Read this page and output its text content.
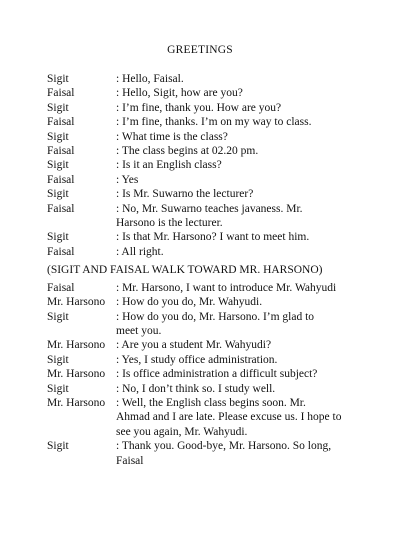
GREETINGS
Sigit	: Hello, Faisal.
Faisal	: Hello, Sigit, how are you?
Sigit	: I’m fine, thank you. How are you?
Faisal	: I’m fine, thanks. I’m on my way to class.
Sigit	: What time is the class?
Faisal	: The class begins at 02.20 pm.
Sigit	: Is it an English class?
Faisal	: Yes
Sigit	: Is Mr. Suwarno the lecturer?
Faisal	: No, Mr. Suwarno teaches javaness. Mr.
Harsono is the lecturer.
Sigit	: Is that Mr. Harsono? I want to meet him.
Faisal	: All right.
(SIGIT AND FAISAL WALK TOWARD MR. HARSONO)
Faisal	: Mr. Harsono, I want to introduce Mr. Wahyudi
Mr. Harsono : How do you do, Mr. Wahyudi.
Sigit	: How do you do, Mr. Harsono. I’m glad to
meet you.
Mr. Harsono : Are you a student Mr. Wahyudi?
Sigit	: Yes, I study office administration.
Mr. Harsono : Is office administration a difficult subject?
Sigit	: No, I don’t think so. I study well.
Mr. Harsono : Well, the English class begins soon. Mr.
Ahmad and I are late. Please excuse us. I hope to
see you again, Mr. Wahyudi.
Sigit	: Thank you. Good-bye, Mr. Harsono. So long,
Faisal
